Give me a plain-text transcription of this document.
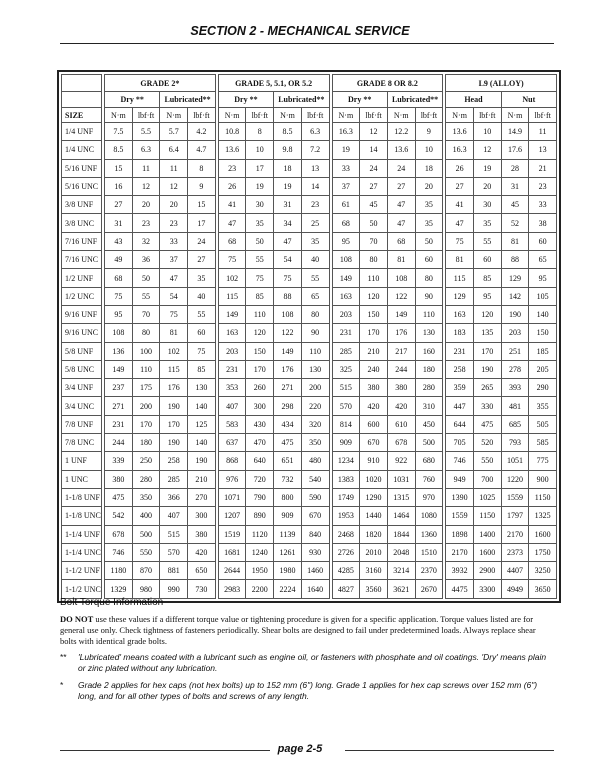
SECTION 2 - MECHANICAL SERVICE
		GRADE 2*					GRADE 5, 5.1, OR 5.2					GRADE 8 OR 8.2					L9 (ALLOY)			
		Dry **		Lubricated**			Dry **		Lubricated**			Dry **		Lubricated**			Head		Nut	
SIZE		N·m	lbf·ft	N·m	lbf·ft		N·m	lbf·ft	N·m	lbf·ft		N·m	lbf·ft	N·m	lbf·ft		N·m	lbf·ft	N·m	lbf·ft
1/4 UNF		7.5	5.5	5.7	4.2		10.8	8	8.5	6.3		16.3	12	12.2	9		13.6	10	14.9	11
1/4 UNC		8.5	6.3	6.4	4.7		13.6	10	9.8	7.2		19	14	13.6	10		16.3	12	17.6	13
5/16 UNF		15	11	11	8		23	17	18	13		33	24	24	18		26	19	28	21
5/16 UNC		16	12	12	9		26	19	19	14		37	27	27	20		27	20	31	23
3/8 UNF		27	20	20	15		41	30	31	23		61	45	47	35		41	30	45	33
3/8 UNC		31	23	23	17		47	35	34	25		68	50	47	35		47	35	52	38
7/16 UNF		43	32	33	24		68	50	47	35		95	70	68	50		75	55	81	60
7/16 UNC		49	36	37	27		75	55	54	40		108	80	81	60		81	60	88	65
1/2 UNF		68	50	47	35		102	75	75	55		149	110	108	80		115	85	129	95
1/2 UNC		75	55	54	40		115	85	88	65		163	120	122	90		129	95	142	105
9/16 UNF		95	70	75	55		149	110	108	80		203	150	149	110		163	120	190	140
9/16 UNC		108	80	81	60		163	120	122	90		231	170	176	130		183	135	203	150
5/8 UNF		136	100	102	75		203	150	149	110		285	210	217	160		231	170	251	185
5/8 UNC		149	110	115	85		231	170	176	130		325	240	244	180		258	190	278	205
3/4 UNF		237	175	176	130		353	260	271	200		515	380	380	280		359	265	393	290
3/4 UNC		271	200	190	140		407	300	298	220		570	420	420	310		447	330	481	355
7/8 UNF		231	170	170	125		583	430	434	320		814	600	610	450		644	475	685	505
7/8 UNC		244	180	190	140		637	470	475	350		909	670	678	500		705	520	793	585
1 UNF		339	250	258	190		868	640	651	480		1234	910	922	680		746	550	1051	775
1 UNC		380	280	285	210		976	720	732	540		1383	1020	1031	760		949	700	1220	900
1-1/8 UNF		475	350	366	270		1071	790	800	590		1749	1290	1315	970		1390	1025	1559	1150
1-1/8 UNC		542	400	407	300		1207	890	909	670		1953	1440	1464	1080		1559	1150	1797	1325
1-1/4 UNF		678	500	515	380		1519	1120	1139	840		2468	1820	1844	1360		1898	1400	2170	1600
1-1/4 UNC		746	550	570	420		1681	1240	1261	930		2726	2010	2048	1510		2170	1600	2373	1750
1-1/2 UNF		1180	870	881	650		2644	1950	1980	1460		4285	3160	3214	2370		3932	2900	4407	3250
1-1/2 UNC		1329	980	990	730		2983	2200	2224	1640		4827	3560	3621	2670		4475	3300	4949	3650
Bolt Torque Information
DO NOT use these values if a different torque value or tightening procedure is given for a specific application. Torque values listed are for general use only. Check tightness of fasteners periodically. Shear bolts are designed to fail under predetermined loads. Always replace shear bolts with identical grade bolts.
** 'Lubricated' means coated with a lubricant such as engine oil, or fasteners with phosphate and oil coatings. 'Dry' means plain or zinc plated without any lubrication.
* Grade 2 applies for hex caps (not hex bolts) up to 152 mm (6") long. Grade 1 applies for hex cap screws over 152 mm (6") long, and for all other types of bolts and screws of any length.
page 2-5
